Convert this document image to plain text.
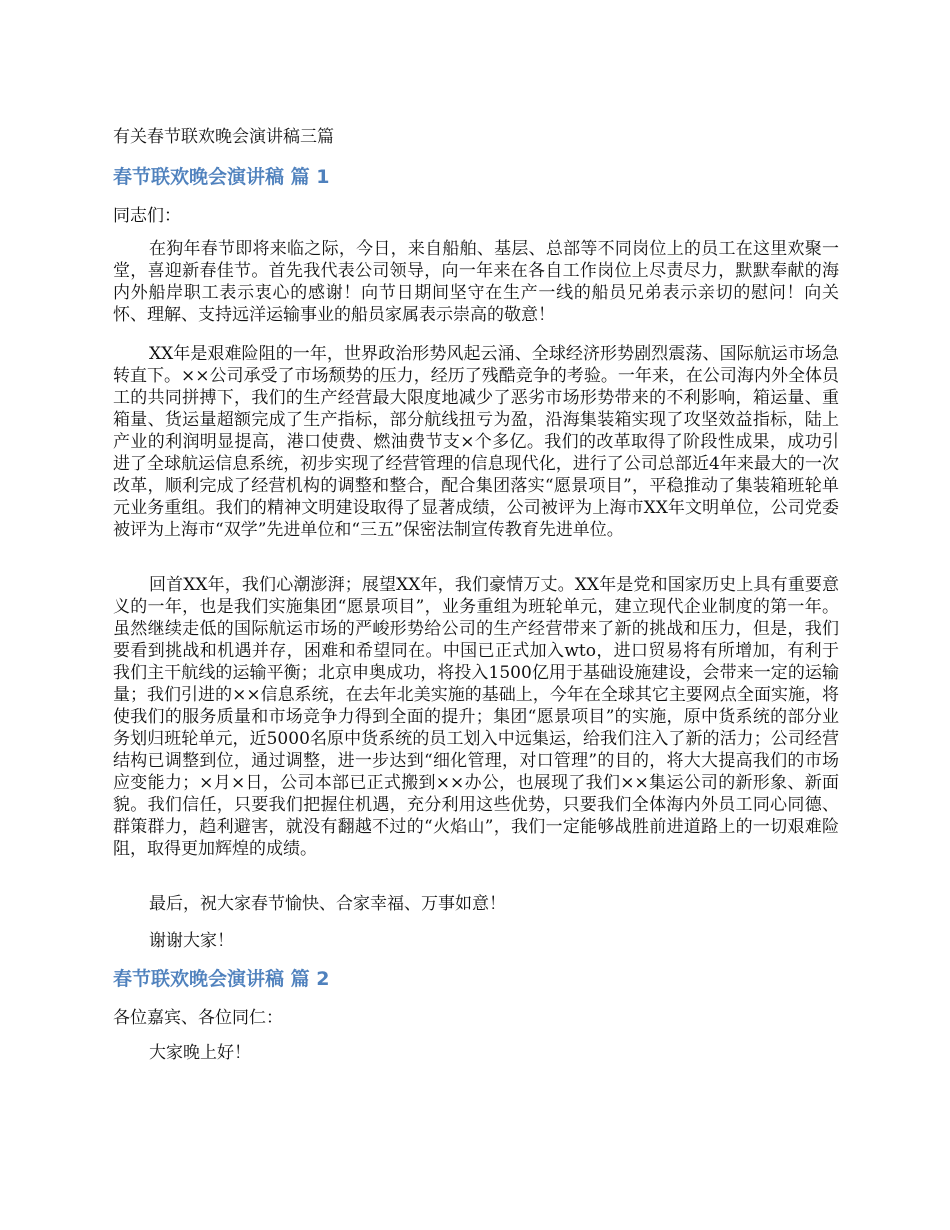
有关春节联欢晚会演讲稿三篇
春节联欢晚会演讲稿 篇 1
同志们：

在狗年春节即将来临之际，今日，来自船舶、基层、总部等不同岗位上的员工在这里欢聚一堂，喜迎新春佳节。首先我代表公司领导，向一年来在各自工作岗位上尽责尽力，默默奉献的海内外船岸职工表示衷心的感谢！向节日期间坚守在生产一线的船员兄弟表示亲切的慰问！向关怀、理解、支持远洋运输事业的船员家属表示崇高的敬意！

XX年是艰难险阻的一年，世界政治形势风起云涌、全球经济形势剧烈震荡、国际航运市场急转直下。××公司承受了市场颓势的压力，经历了残酷竞争的考验。一年来，在公司海内外全体员工的共同拼搏下，我们的生产经营最大限度地减少了恶劣市场形势带来的不利影响，箱运量、重箱量、货运量超额完成了生产指标，部分航线扭亏为盈，沿海集装箱实现了攻坚效益指标，陆上产业的利润明显提高，港口使费、燃油费节支×个多亿。我们的改革取得了阶段性成果，成功引进了全球航运信息系统，初步实现了经营管理的信息现代化，进行了公司总部近4年来最大的一次改革，顺利完成了经营机构的调整和整合，配合集团落实“愿景项目”，平稳推动了集装箱班轮单元业务重组。我们的精神文明建设取得了显著成绩，公司被评为上海市XX年文明单位，公司党委被评为上海市“双学”先进单位和“三五”保密法制宣传教育先进单位。

回首XX年，我们心潮澎湃；展望XX年，我们豪情万丈。XX年是党和国家历史上具有重要意义的一年，也是我们实施集团“愿景项目”，业务重组为班轮单元，建立现代企业制度的第一年。虽然继续走低的国际航运市场的严峻形势给公司的生产经营带来了新的挑战和压力，但是，我们要看到挑战和机遇并存，困难和希望同在。中国已正式加入wto，进口贸易将有所增加，有利于我们主干航线的运输平衡；北京申奥成功，将投入1500亿用于基础设施建设，会带来一定的运输量；我们引进的××信息系统，在去年北美实施的基础上，今年在全球其它主要网点全面实施，将使我们的服务质量和市场竞争力得到全面的提升；集团“愿景项目”的实施，原中货系统的部分业务划归班轮单元，近5000名原中货系统的员工划入中远集运，给我们注入了新的活力；公司经营结构已调整到位，通过调整，进一步达到“细化管理，对口管理”的目的，将大大提高我们的市场应变能力；×月×日，公司本部已正式搬到××办公，也展现了我们××集运公司的新形象、新面貌。我们信任，只要我们把握住机遇，充分利用这些优势，只要我们全体海内外员工同心同德、群策群力，趋利避害，就没有翻越不过的“火焰山”，我们一定能够战胜前进道路上的一切艰难险阻，取得更加辉煌的成绩。

最后，祝大家春节愉快、合家幸福、万事如意！
谢谢大家！
春节联欢晚会演讲稿 篇 2
各位嘉宾、各位同仁：
大家晚上好！
